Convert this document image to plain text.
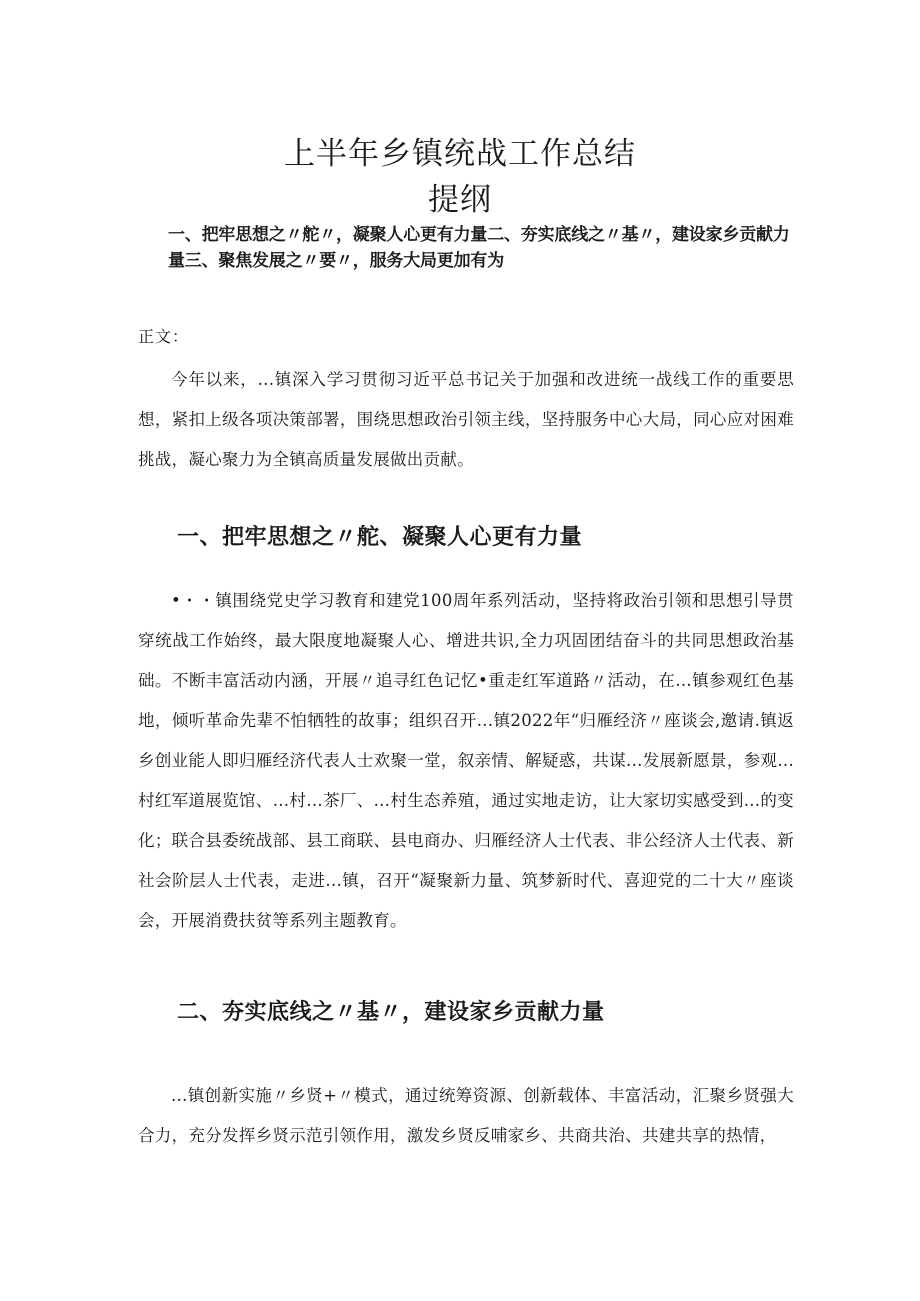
上半年乡镇统战工作总结
提纲

一、把牢思想之〃舵〃，凝聚人心更有力量二、夯实底线之〃基〃，建设家乡贡献力量三、聚焦发展之〃要〃，服务大局更加有为

正文：

今年以来，...镇深入学习贯彻习近平总书记关于加强和改进统一战线工作的重要思想，紧扣上级各项决策部署，围绕思想政治引领主线，坚持服务中心大局，同心应对困难挑战，凝心聚力为全镇高质量发展做出贡献。

一、把牢思想之〃舵、凝聚人心更有力量

•・・镇围绕党史学习教育和建党100周年系列活动，坚持将政治引领和思想引导贯穿统战工作始终，最大限度地凝聚人心、增进共识,全力巩固团结奋斗的共同思想政治基础。不断丰富活动内涵，开展〃追寻红色记忆•重走红军道路〃活动，在...镇参观红色基地，倾听革命先辈不怕牺牲的故事；组织召开...镇2022年“归雁经济〃座谈会,邀请.镇返乡创业能人即归雁经济代表人士欢聚一堂，叙亲情、解疑惑，共谋...发展新愿景，参观...村红军道展览馆、…村…茶厂、…村生态养殖，通过实地走访，让大家切实感受到...的变化；联合县委统战部、县工商联、县电商办、归雁经济人士代表、非公经济人士代表、新社会阶层人士代表，走进...镇，召开“凝聚新力量、筑梦新时代、喜迎党的二十大〃座谈会，开展消费扶贫等系列主题教育。

二、夯实底线之〃基〃，建设家乡贡献力量

...镇创新实施〃乡贤+〃模式，通过统筹资源、创新载体、丰富活动，汇聚乡贤强大合力，充分发挥乡贤示范引领作用，激发乡贤反哺家乡、共商共治、共建共享的热情，
